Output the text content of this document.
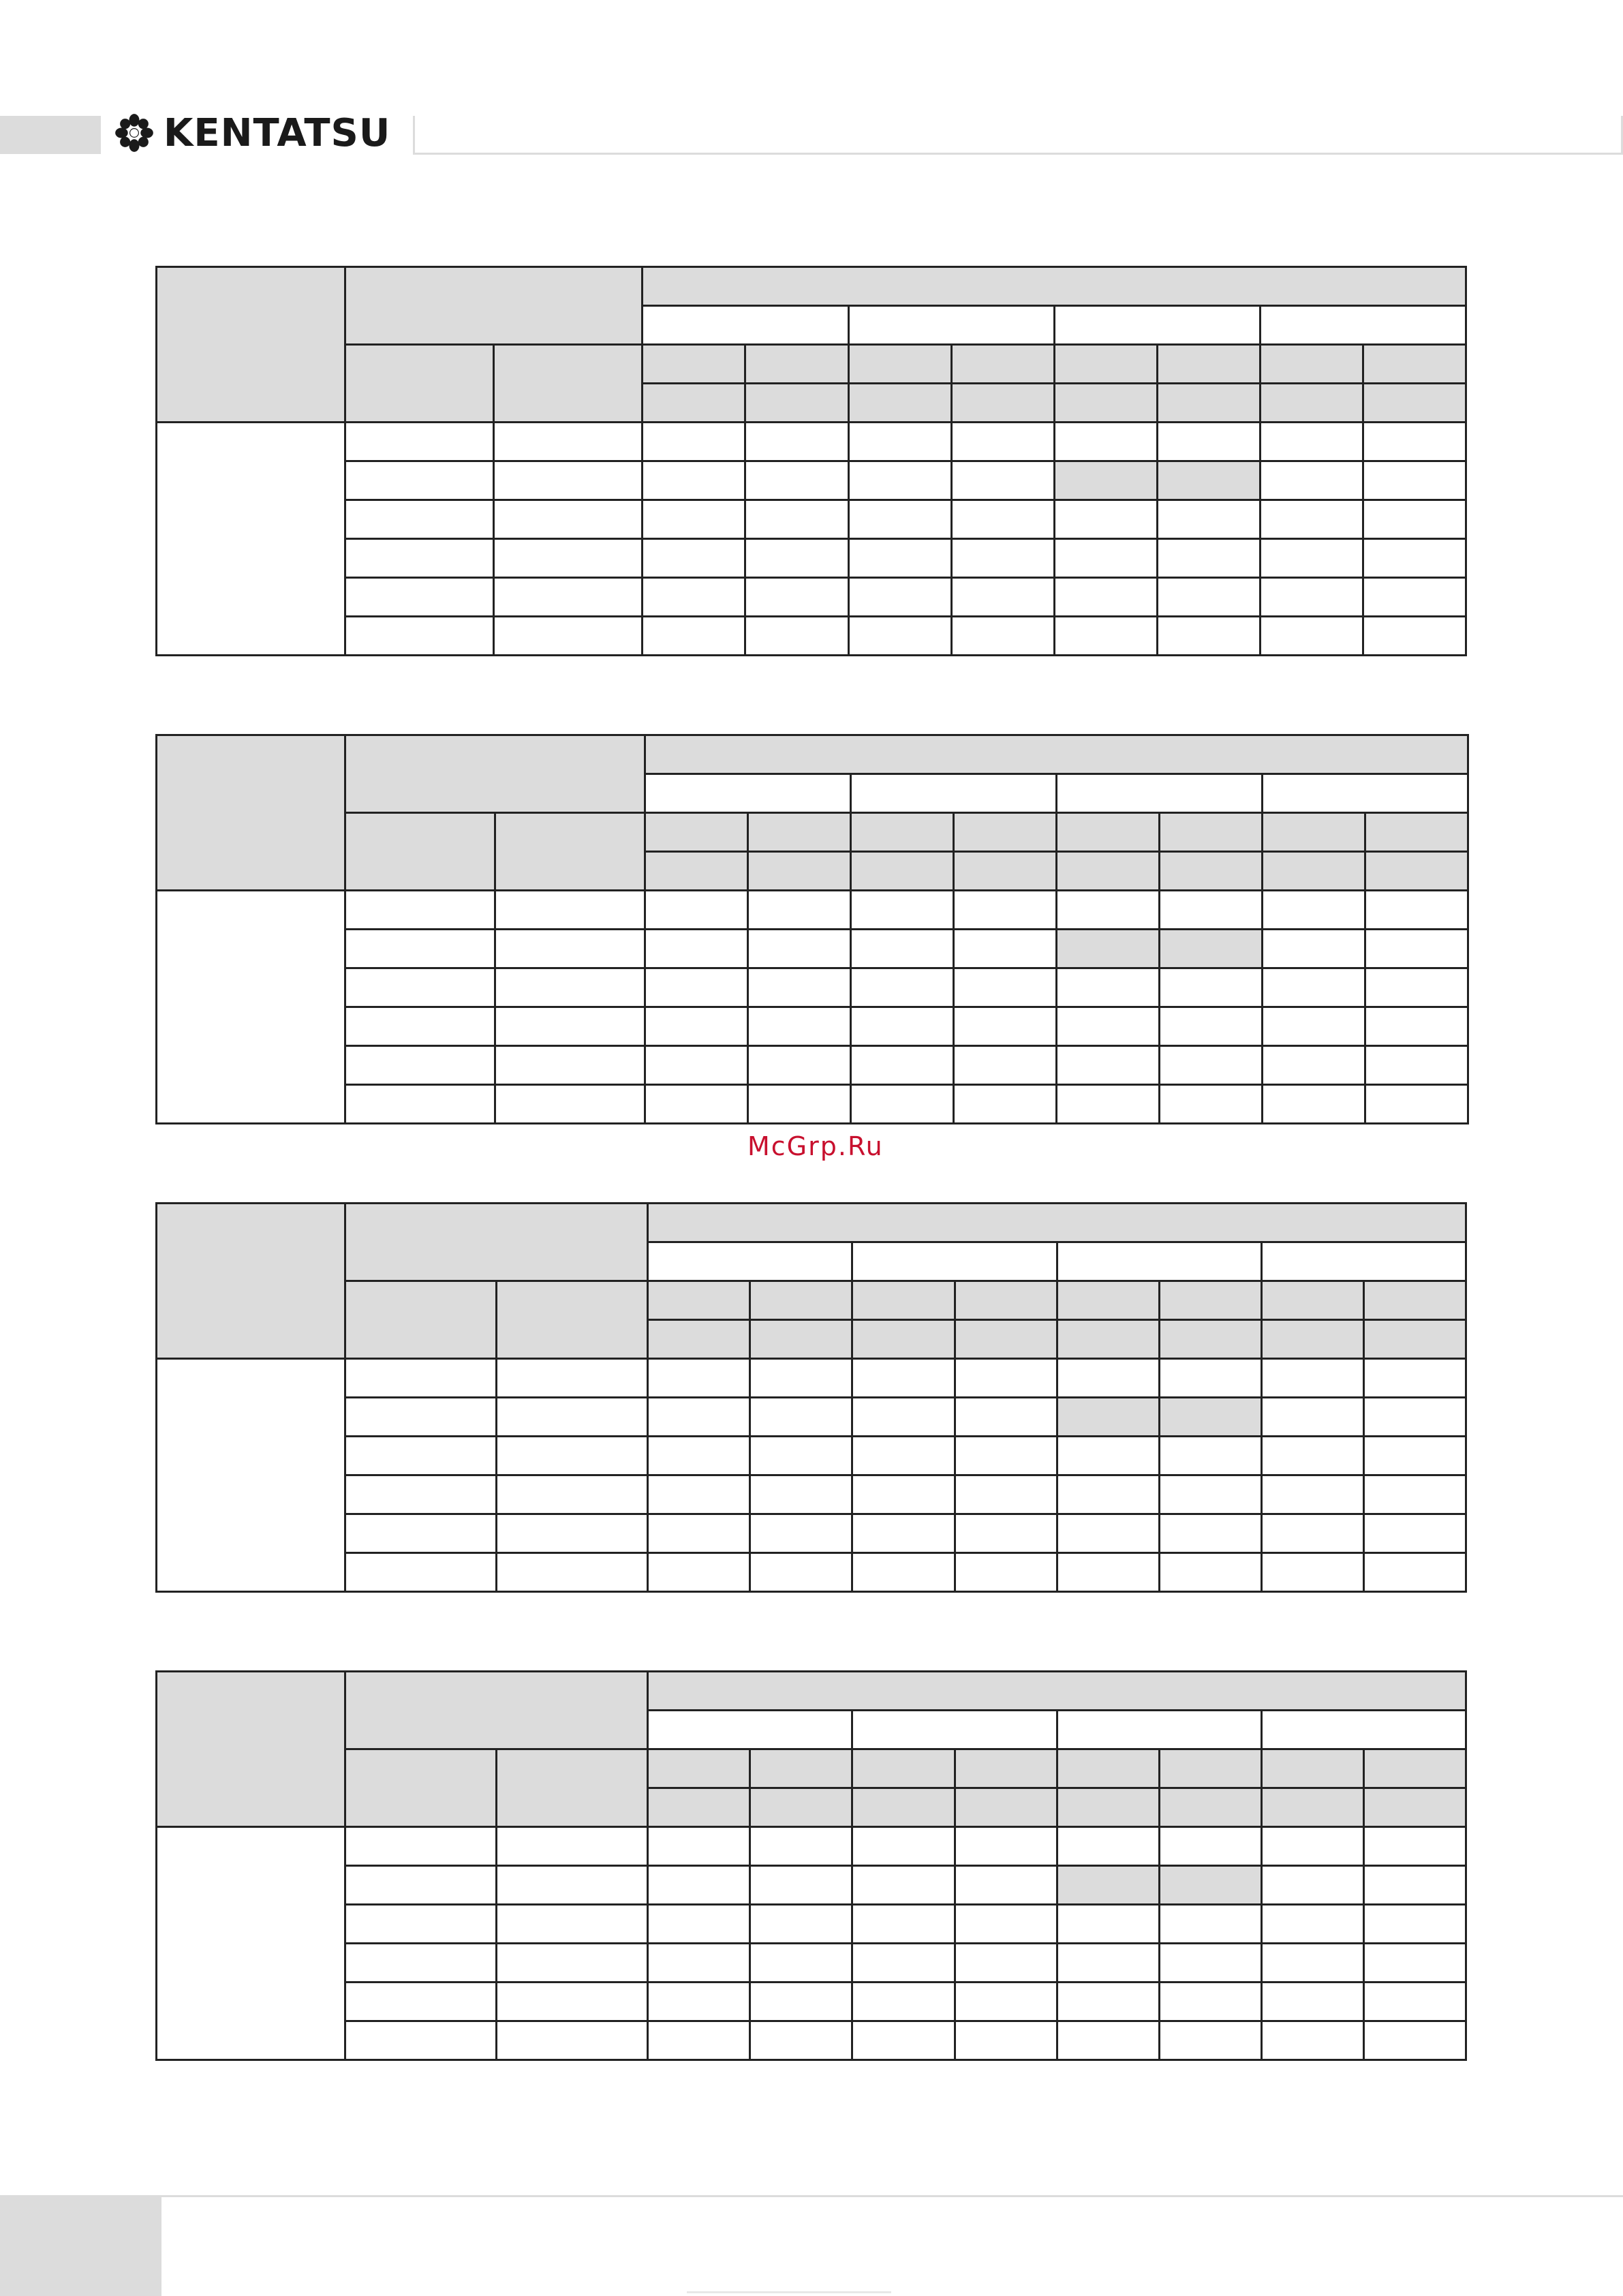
KENTATSU

McGrp.Ru
